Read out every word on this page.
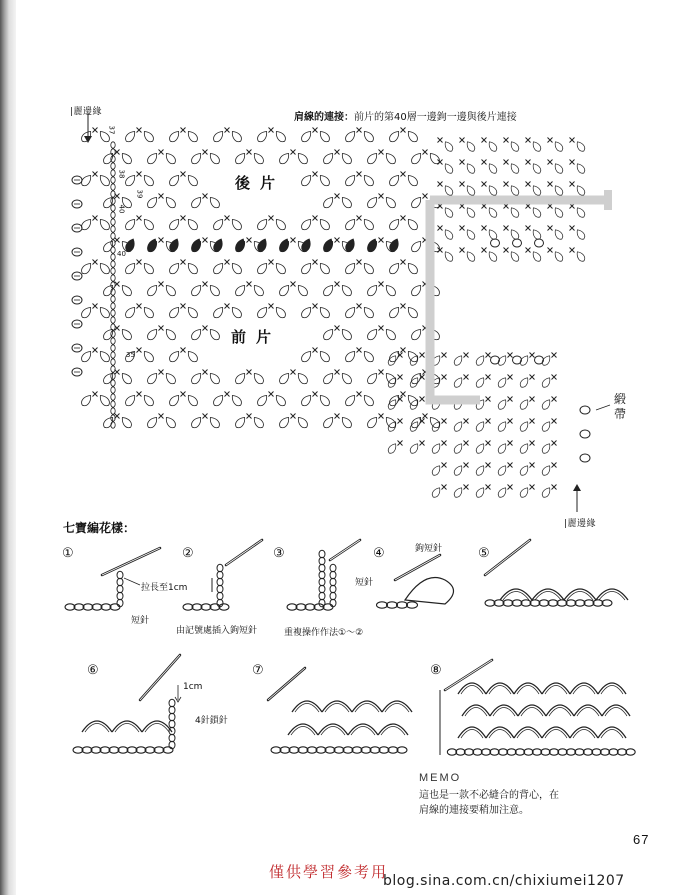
|麗邊緣	肩線的連接：前片的第40層一邊鉤一邊與後片連接
37
38
39
40
40
35
後片
前片
緞帶
|麗邊緣
七寶編花樣：
①	②	③	④	⑤
⑥	⑦	⑧
拉長至1cm
短針
由記號處插入鉤短針
短針
重複操作作法①～②
鉤短針
1cm
4針鎖針
MEMO
這也是一款不必縫合的背心，在
肩線的連接要稍加注意。
67
僅供學習參考用
blog.sina.com.cn/chixiumei1207
